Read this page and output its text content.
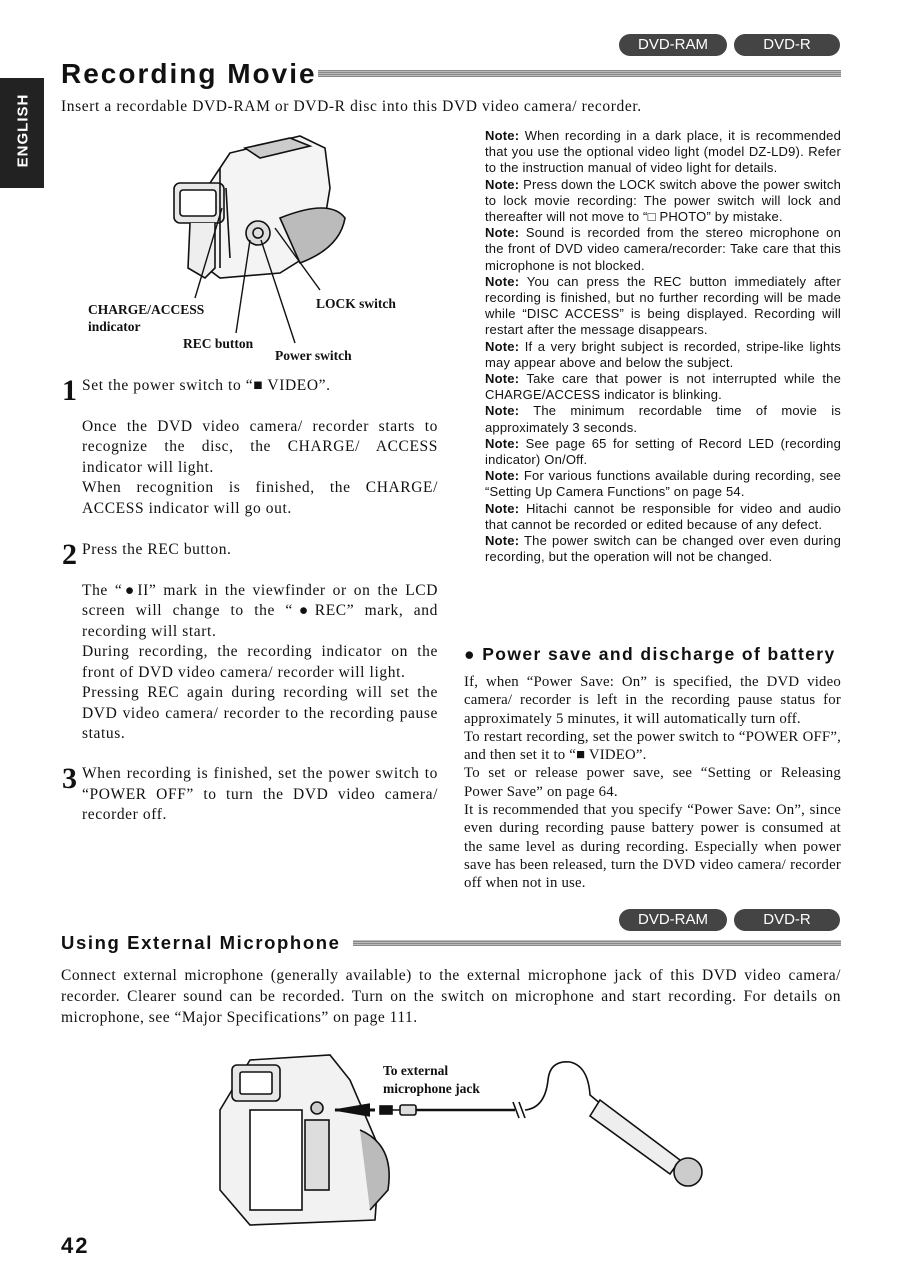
DVD-RAM	DVD-R
ENGLISH
Recording Movie
Insert a recordable DVD-RAM or DVD-R disc into this DVD video camera/ recorder.
CHARGE/ACCESS
indicator
REC button
LOCK switch
Power switch
1 Set the power switch to “■ VIDEO”.

Once the DVD video camera/ recorder starts to recognize the disc, the CHARGE/ ACCESS indicator will light.

When recognition is finished, the CHARGE/ ACCESS indicator will go out.

2 Press the REC button.

The “●II” mark in the viewfinder or on the LCD screen will change to the “●REC” mark, and recording will start.

During recording, the recording indicator on the front of DVD video camera/ recorder will light.

Pressing REC again during recording will set the DVD video camera/ recorder to the recording pause status.

3 When recording is finished, set the power switch to “POWER OFF” to turn the DVD video camera/ recorder off.

Note: When recording in a dark place, it is recommended that you use the optional video light (model DZ-LD9). Refer to the instruction manual of video light for details.

Note: Press down the LOCK switch above the power switch to lock movie recording: The power switch will lock and thereafter will not move to “□ PHOTO” by mistake.

Note: Sound is recorded from the stereo microphone on the front of DVD video camera/recorder: Take care that this microphone is not blocked.

Note: You can press the REC button immediately after recording is finished, but no further recording will be made while “DISC ACCESS” is being displayed. Recording will restart after the message disappears.

Note: If a very bright subject is recorded, stripe-like lights may appear above and below the subject.

Note: Take care that power is not interrupted while the CHARGE/ACCESS indicator is blinking.

Note: The minimum recordable time of movie is approximately 3 seconds.

Note: See page 65 for setting of Record LED (recording indicator) On/Off.

Note: For various functions available during recording, see “Setting Up Camera Functions” on page 54.

Note: Hitachi cannot be responsible for video and audio that cannot be recorded or edited because of any defect.

Note: The power switch can be changed over even during recording, but the operation will not be changed.

● Power save and discharge of battery

If, when “Power Save: On” is specified, the DVD video camera/ recorder is left in the recording pause status for approximately 5 minutes, it will automatically turn off.

To restart recording, set the power switch to “POWER OFF”, and then set it to “■ VIDEO”.

To set or release power save, see “Setting or Releasing Power Save” on page 64.

It is recommended that you specify “Power Save: On”, since even during recording pause battery power is consumed at the same level as during recording. Especially when power save has been released, turn the DVD video camera/ recorder off when not in use.

DVD-RAM	DVD-R
Using External Microphone
Connect external microphone (generally available) to the external microphone jack of this DVD video camera/ recorder. Clearer sound can be recorded. Turn on the switch on microphone and start recording. For details on microphone, see “Major Specifications” on page 111.
To external
microphone jack
42
